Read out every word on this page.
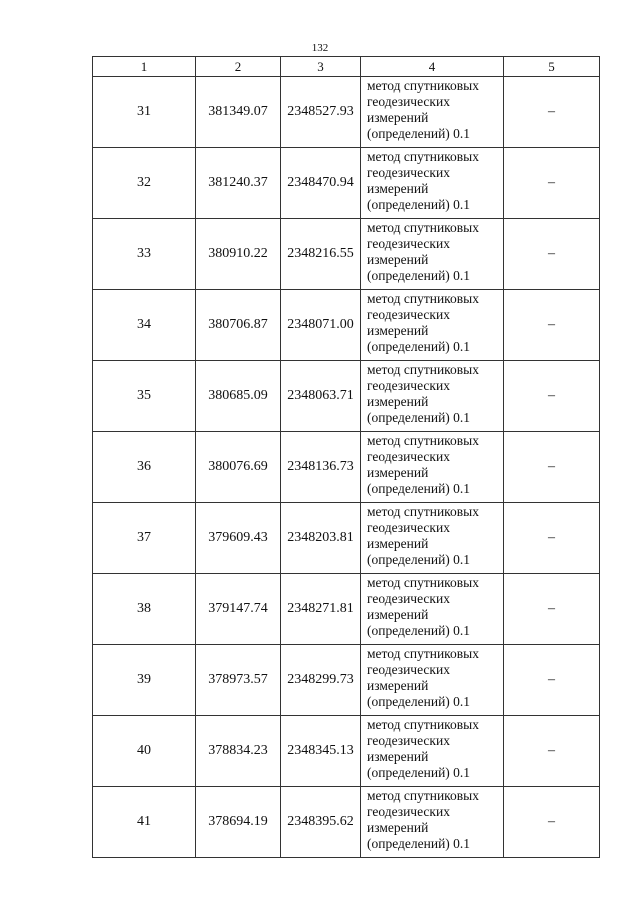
132
1	2	3	4	5
31	381349.07	2348527.93	метод спутниковых
геодезических
измерений
(определений) 0.1	–
32	381240.37	2348470.94	метод спутниковых
геодезических
измерений
(определений) 0.1	–
33	380910.22	2348216.55	метод спутниковых
геодезических
измерений
(определений) 0.1	–
34	380706.87	2348071.00	метод спутниковых
геодезических
измерений
(определений) 0.1	–
35	380685.09	2348063.71	метод спутниковых
геодезических
измерений
(определений) 0.1	–
36	380076.69	2348136.73	метод спутниковых
геодезических
измерений
(определений) 0.1	–
37	379609.43	2348203.81	метод спутниковых
геодезических
измерений
(определений) 0.1	–
38	379147.74	2348271.81	метод спутниковых
геодезических
измерений
(определений) 0.1	–
39	378973.57	2348299.73	метод спутниковых
геодезических
измерений
(определений) 0.1	–
40	378834.23	2348345.13	метод спутниковых
геодезических
измерений
(определений) 0.1	–
41	378694.19	2348395.62	метод спутниковых
геодезических
измерений
(определений) 0.1	–
